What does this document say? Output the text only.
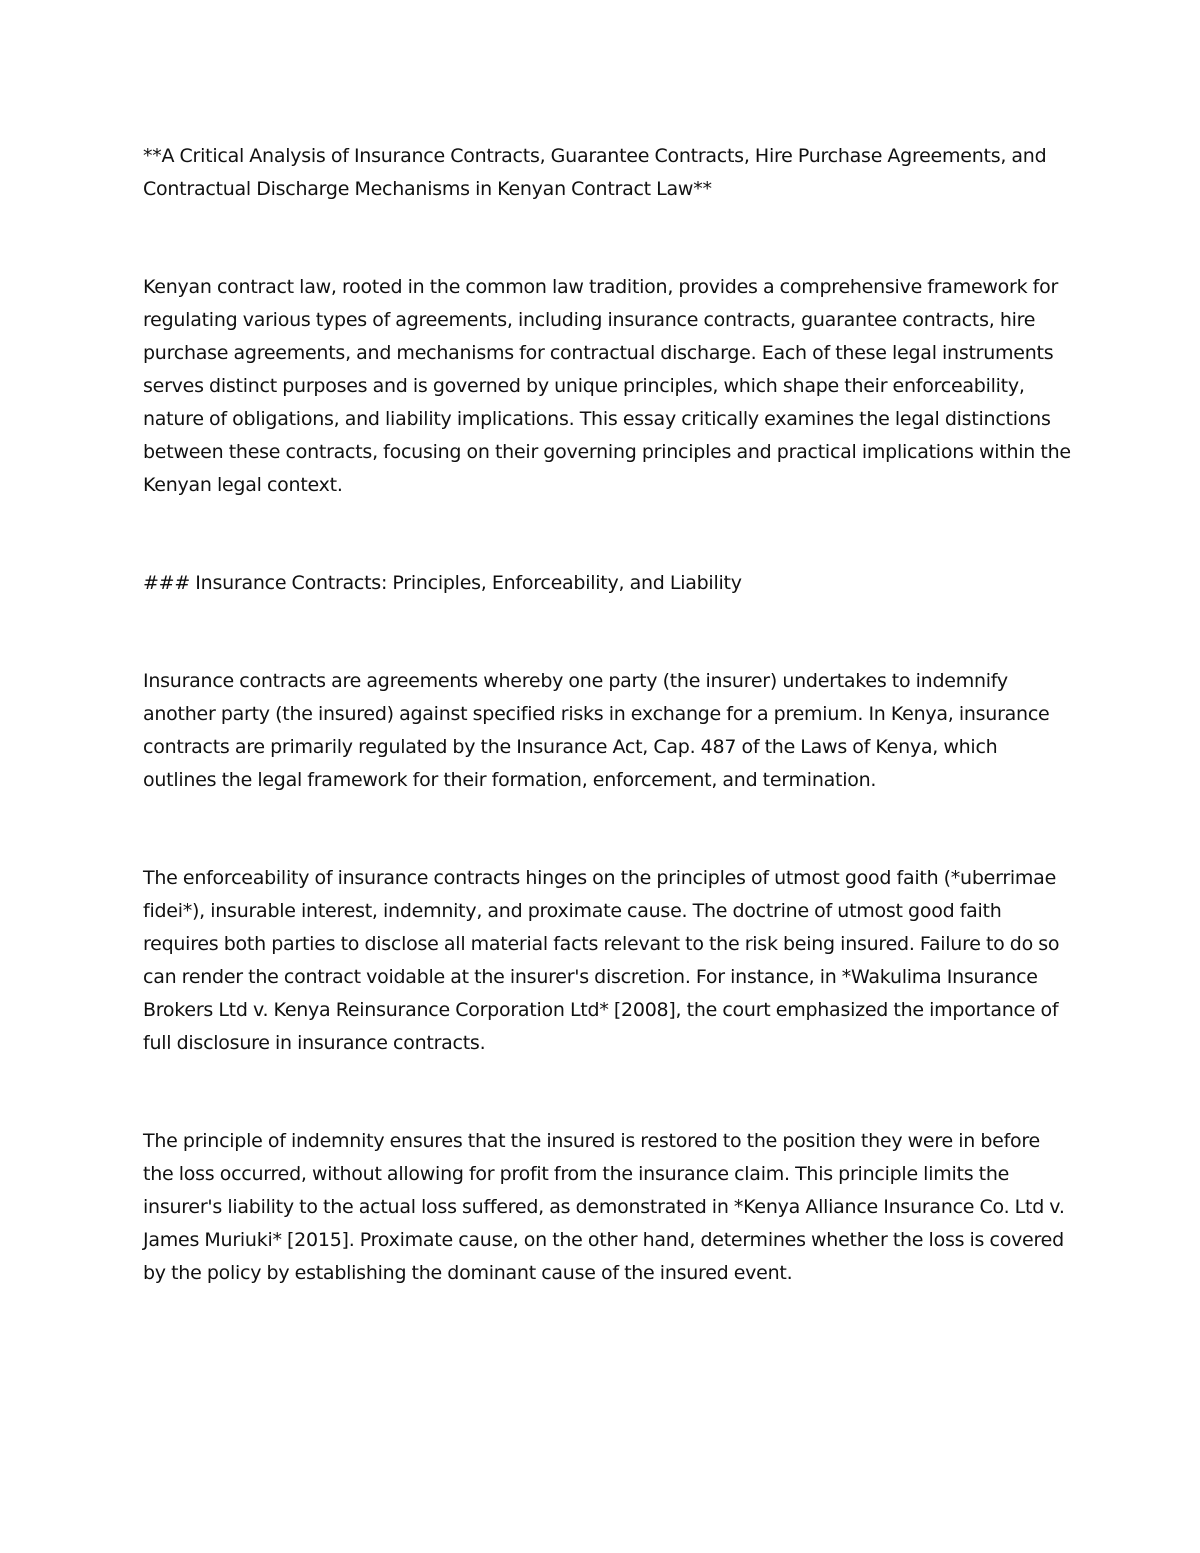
**A Critical Analysis of Insurance Contracts, Guarantee Contracts, Hire Purchase Agreements, and Contractual Discharge Mechanisms in Kenyan Contract Law**

Kenyan contract law, rooted in the common law tradition, provides a comprehensive framework for regulating various types of agreements, including insurance contracts, guarantee contracts, hire purchase agreements, and mechanisms for contractual discharge. Each of these legal instruments serves distinct purposes and is governed by unique principles, which shape their enforceability, nature of obligations, and liability implications. This essay critically examines the legal distinctions between these contracts, focusing on their governing principles and practical implications within the Kenyan legal context.

### Insurance Contracts: Principles, Enforceability, and Liability

Insurance contracts are agreements whereby one party (the insurer) undertakes to indemnify another party (the insured) against specified risks in exchange for a premium. In Kenya, insurance contracts are primarily regulated by the Insurance Act, Cap. 487 of the Laws of Kenya, which outlines the legal framework for their formation, enforcement, and termination.

The enforceability of insurance contracts hinges on the principles of utmost good faith (*uberrimae fidei*), insurable interest, indemnity, and proximate cause. The doctrine of utmost good faith requires both parties to disclose all material facts relevant to the risk being insured. Failure to do so can render the contract voidable at the insurer's discretion. For instance, in *Wakulima Insurance Brokers Ltd v. Kenya Reinsurance Corporation Ltd* [2008], the court emphasized the importance of full disclosure in insurance contracts.

The principle of indemnity ensures that the insured is restored to the position they were in before the loss occurred, without allowing for profit from the insurance claim. This principle limits the insurer's liability to the actual loss suffered, as demonstrated in *Kenya Alliance Insurance Co. Ltd v. James Muriuki* [2015]. Proximate cause, on the other hand, determines whether the loss is covered by the policy by establishing the dominant cause of the insured event.
